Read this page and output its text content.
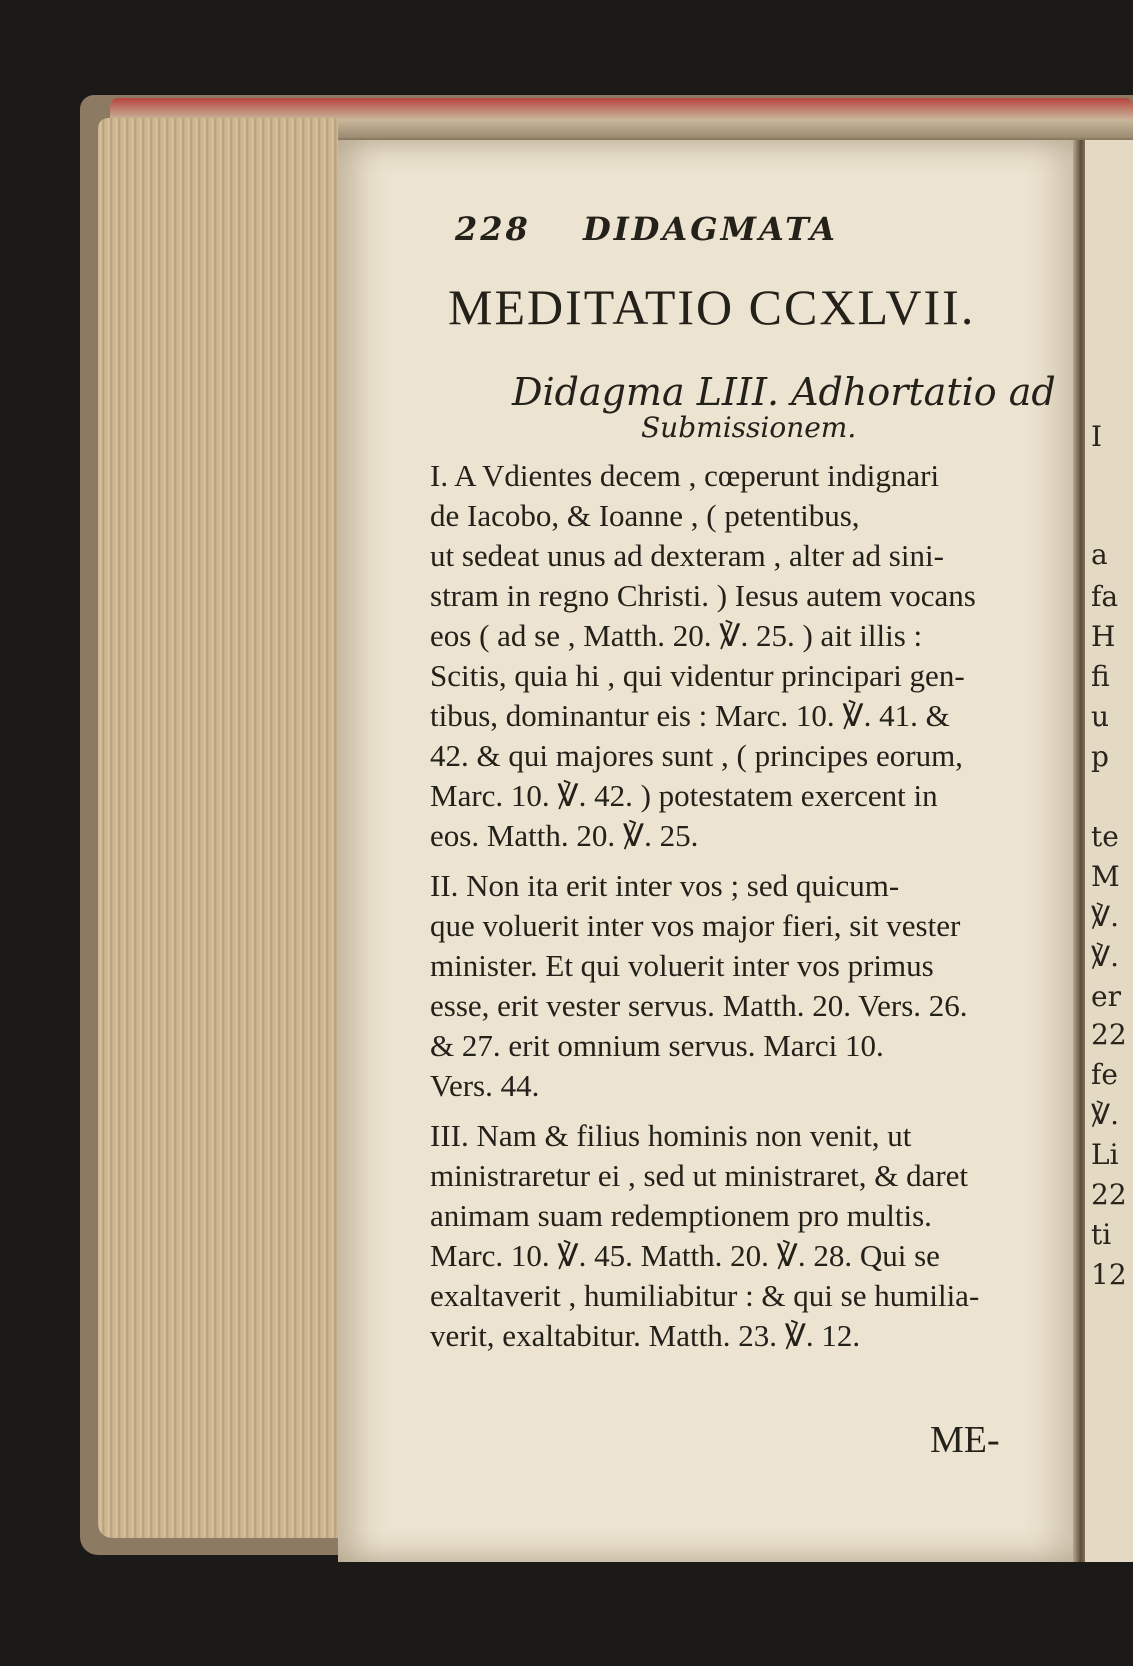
I
a
fa
H
fi
u
p
te
M
℣.
℣.
er
22
fe
℣.
Li
22
ti
12
228 DIDAGMATA
MEDITATIO CCXLVII.
Didagma LIII. Adhortatio ad
Submissionem.
I. A Vdientes decem , cœperunt indignari
de Iacobo, & Ioanne , ( petentibus,
ut sedeat unus ad dexteram , alter ad sini-
stram in regno Christi. ) Iesus autem vocans
eos ( ad se , Matth. 20. ℣. 25. ) ait illis :
Scitis, quia hi , qui videntur principari gen-
tibus, dominantur eis : Marc. 10. ℣. 41. &
42. & qui majores sunt , ( principes eorum,
Marc. 10. ℣. 42. ) potestatem exercent in
eos. Matth. 20. ℣. 25.
II. Non ita erit inter vos ; sed quicum-
que voluerit inter vos major fieri, sit vester
minister. Et qui voluerit inter vos primus
esse, erit vester servus. Matth. 20. Vers. 26.
& 27. erit omnium servus. Marci 10.
Vers. 44.
III. Nam & filius hominis non venit, ut
ministraretur ei , sed ut ministraret, & daret
animam suam redemptionem pro multis.
Marc. 10. ℣. 45. Matth. 20. ℣. 28. Qui se
exaltaverit , humiliabitur : & qui se humilia-
verit, exaltabitur. Matth. 23. ℣. 12.
ME-
